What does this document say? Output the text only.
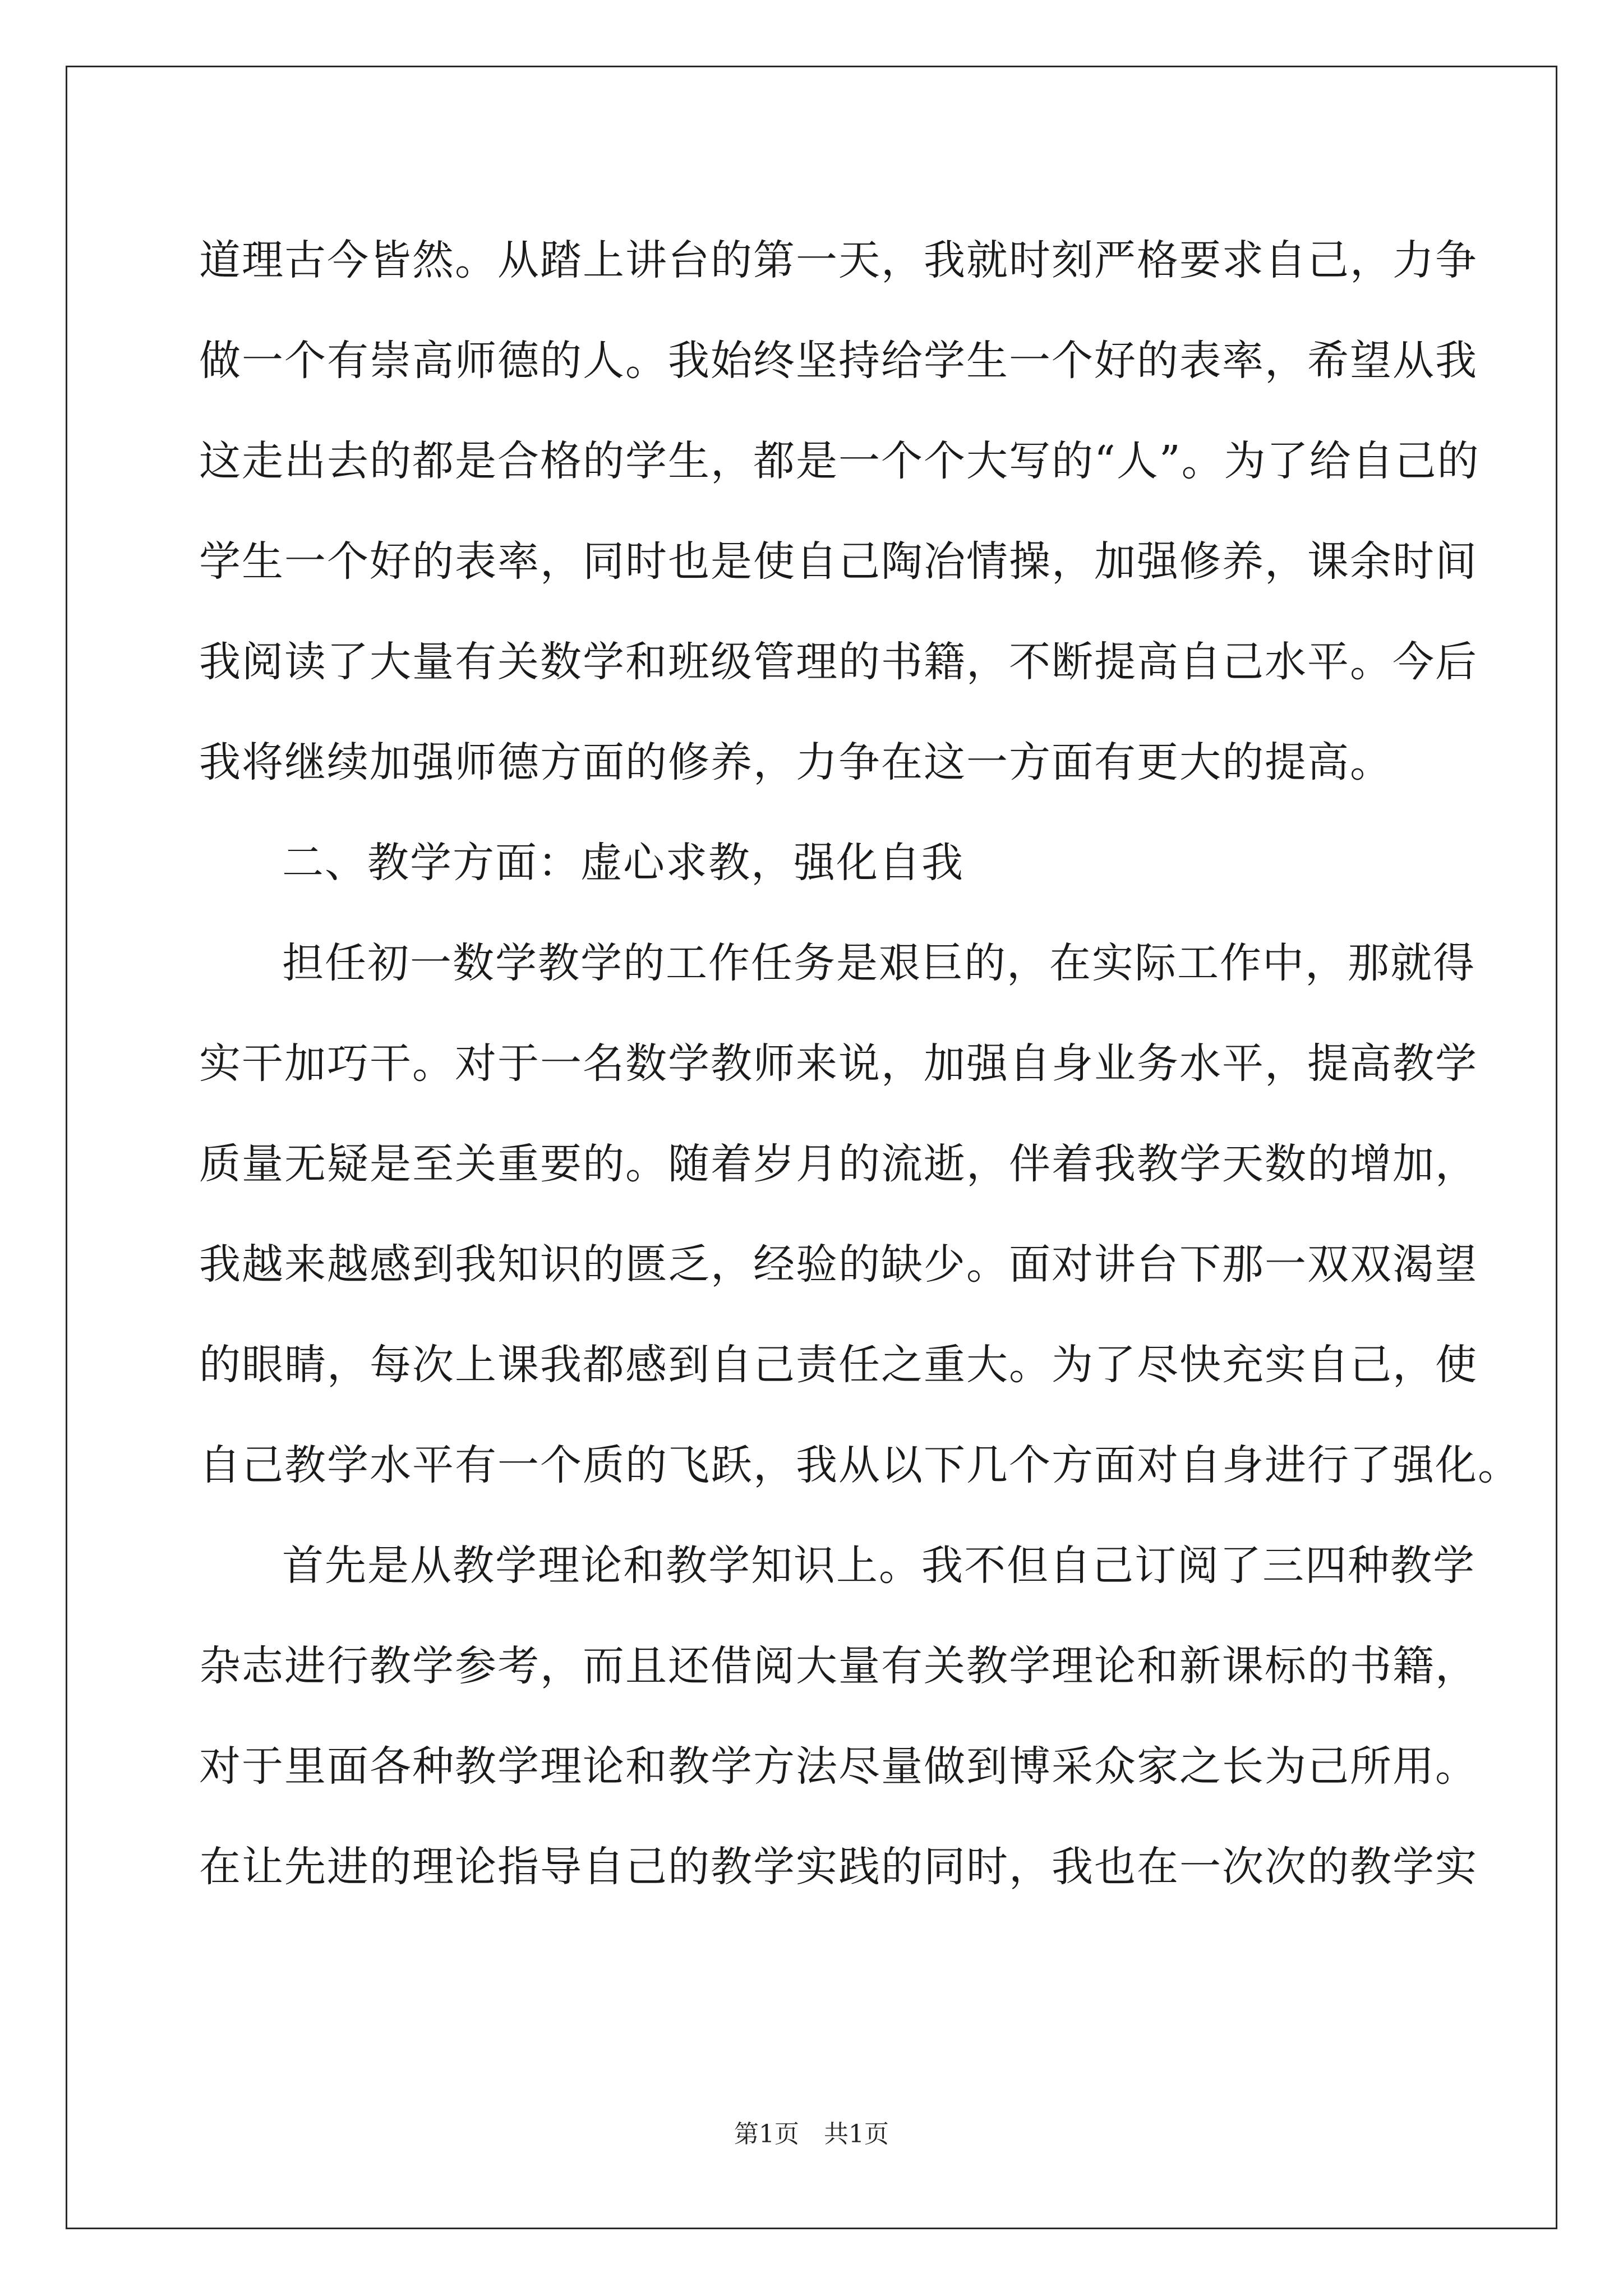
道理古今皆然。从踏上讲台的第一天，我就时刻严格要求自己，力争
做一个有崇高师德的人。我始终坚持给学生一个好的表率，希望从我
这走出去的都是合格的学生，都是一个个大写的“人”。为了给自己的
学生一个好的表率，同时也是使自己陶冶情操，加强修养，课余时间
我阅读了大量有关数学和班级管理的书籍，不断提高自己水平。今后
我将继续加强师德方面的修养，力争在这一方面有更大的提高。
二、教学方面：虚心求教，强化自我
担任初一数学教学的工作任务是艰巨的，在实际工作中，那就得
实干加巧干。对于一名数学教师来说，加强自身业务水平，提高教学
质量无疑是至关重要的。随着岁月的流逝，伴着我教学天数的增加，
我越来越感到我知识的匮乏，经验的缺少。面对讲台下那一双双渴望
的眼睛，每次上课我都感到自己责任之重大。为了尽快充实自己，使
自己教学水平有一个质的飞跃，我从以下几个方面对自身进行了强化。
首先是从教学理论和教学知识上。我不但自己订阅了三四种教学
杂志进行教学参考，而且还借阅大量有关教学理论和新课标的书籍，
对于里面各种教学理论和教学方法尽量做到博采众家之长为己所用。
在让先进的理论指导自己的教学实践的同时，我也在一次次的教学实
第1页 共1页
